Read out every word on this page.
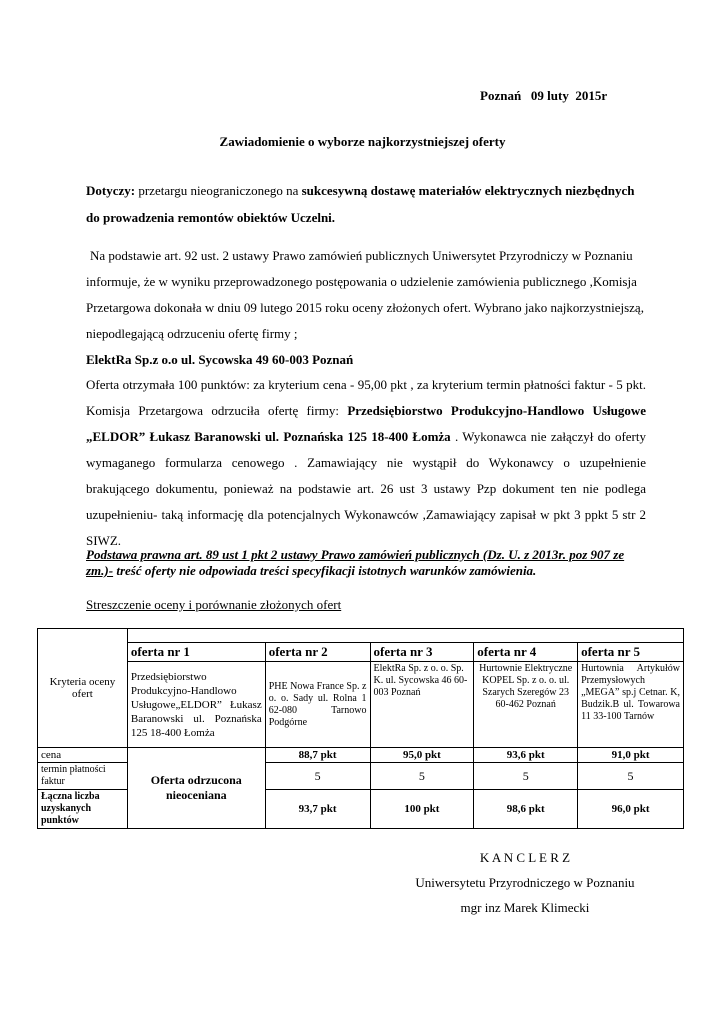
Poznań   09 luty  2015r
Zawiadomienie o wyborze najkorzystniejszej oferty
Dotyczy: przetargu nieograniczonego na sukcesywną dostawę materiałów elektrycznych niezbędnych do prowadzenia remontów obiektów Uczelni.
Na podstawie art. 92 ust. 2 ustawy Prawo zamówień publicznych Uniwersytet Przyrodniczy w Poznaniu informuje, że w wyniku przeprowadzonego postępowania o udzielenie zamówienia publicznego ,Komisja Przetargowa dokonała w dniu 09 lutego 2015 roku oceny złożonych ofert. Wybrano jako najkorzystniejszą, niepodlegającą odrzuceniu ofertę firmy ;
ElektRa Sp.z o.o ul. Sycowska 49 60-003 Poznań
Oferta otrzymała 100 punktów: za kryterium cena - 95,00 pkt , za kryterium termin płatności faktur - 5 pkt. Komisja Przetargowa odrzuciła ofertę firmy: Przedsiębiorstwo Produkcyjno-Handlowo Usługowe „ELDOR” Łukasz Baranowski ul. Poznańska 125 18-400 Łomża . Wykonawca nie załączył do oferty wymaganego formularza cenowego . Zamawiający nie wystąpił do Wykonawcy o uzupełnienie brakującego dokumentu, ponieważ na podstawie art. 26 ust 3 ustawy Pzp dokument ten nie podlega uzupełnieniu- taką informację dla potencjalnych Wykonawców ,Zamawiający zapisał w pkt 3 ppkt 5 str 2 SIWZ.
Podstawa prawna art. 89 ust 1 pkt 2 ustawy Prawo zamówień publicznych (Dz. U. z 2013r. poz 907 ze zm.)- treść oferty nie odpowiada treści specyfikacji istotnych warunków zamówienia.
Streszczenie oceny i porównanie złożonych ofert
Kryteria oceny ofert					
	oferta nr 1	oferta nr 2	oferta nr 3	oferta nr 4	oferta nr 5
	Przedsiębiorstwo Produkcyjno-Handlowo Usługowe„ELDOR” Łukasz Baranowski ul. Poznańska 125 18-400 Łomża	PHE Nowa France Sp. z o. o. Sady ul. Rolna 1 62-080 Tarnowo Podgórne	ElektRa Sp. z o. o. Sp. K. ul. Sycowska 46 60-003 Poznań	Hurtownie Elektryczne KOPEL Sp. z o. o. ul. Szarych Szeregów 23 60-462 Poznań	Hurtownia Artykułów Przemysłowych „MEGA” sp.j Cetnar. K, Budzik.B ul. Towarowa 11 33-100 Tarnów
cena	Oferta odrzucona nieoceniana	88,7 pkt	95,0 pkt	93,6 pkt	91,0 pkt
termin płatności faktur		5	5	5	5
Łączna liczba uzyskanych punktów		93,7 pkt	100 pkt	98,6 pkt	96,0 pkt
K A N C L E R Z
Uniwersytetu Przyrodniczego w Poznaniu
mgr inz Marek Klimecki
